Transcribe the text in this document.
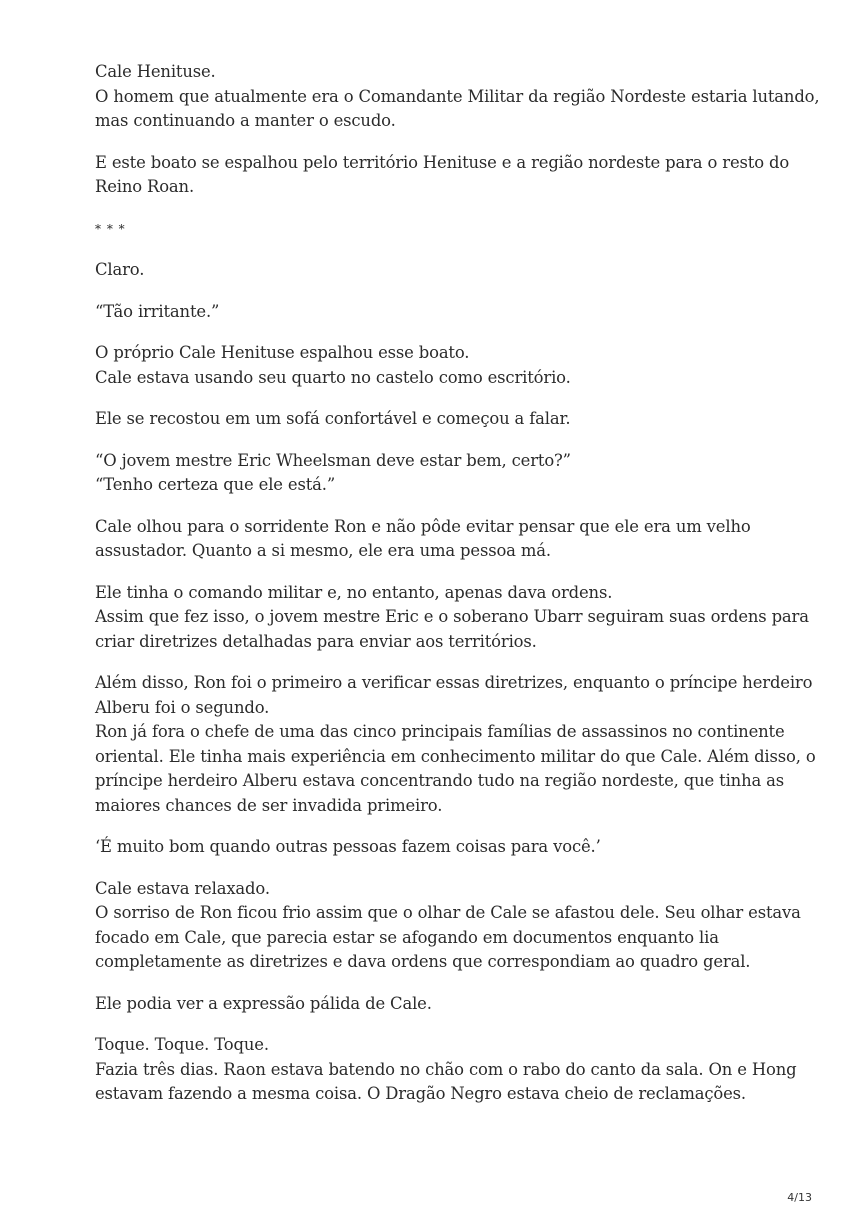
Cale Henituse.
O homem que atualmente era o Comandante Militar da região Nordeste estaria lutando,
mas continuando a manter o escudo.

E este boato se espalhou pelo território Henituse e a região nordeste para o resto do
Reino Roan.

* * *

Claro.

“Tão irritante.”

O próprio Cale Henituse espalhou esse boato.
Cale estava usando seu quarto no castelo como escritório.

Ele se recostou em um sofá confortável e começou a falar.

“O jovem mestre Eric Wheelsman deve estar bem, certo?”
“Tenho certeza que ele está.”

Cale olhou para o sorridente Ron e não pôde evitar pensar que ele era um velho
assustador. Quanto a si mesmo, ele era uma pessoa má.

Ele tinha o comando militar e, no entanto, apenas dava ordens.
Assim que fez isso, o jovem mestre Eric e o soberano Ubarr seguiram suas ordens para
criar diretrizes detalhadas para enviar aos territórios.

Além disso, Ron foi o primeiro a verificar essas diretrizes, enquanto o príncipe herdeiro
Alberu foi o segundo.
Ron já fora o chefe de uma das cinco principais famílias de assassinos no continente
oriental. Ele tinha mais experiência em conhecimento militar do que Cale. Além disso, o
príncipe herdeiro Alberu estava concentrando tudo na região nordeste, que tinha as
maiores chances de ser invadida primeiro.

‘É muito bom quando outras pessoas fazem coisas para você.’

Cale estava relaxado.
O sorriso de Ron ficou frio assim que o olhar de Cale se afastou dele. Seu olhar estava
focado em Cale, que parecia estar se afogando em documentos enquanto lia
completamente as diretrizes e dava ordens que correspondiam ao quadro geral.

Ele podia ver a expressão pálida de Cale.

Toque. Toque. Toque.
Fazia três dias. Raon estava batendo no chão com o rabo do canto da sala. On e Hong
estavam fazendo a mesma coisa. O Dragão Negro estava cheio de reclamações.

4/13
